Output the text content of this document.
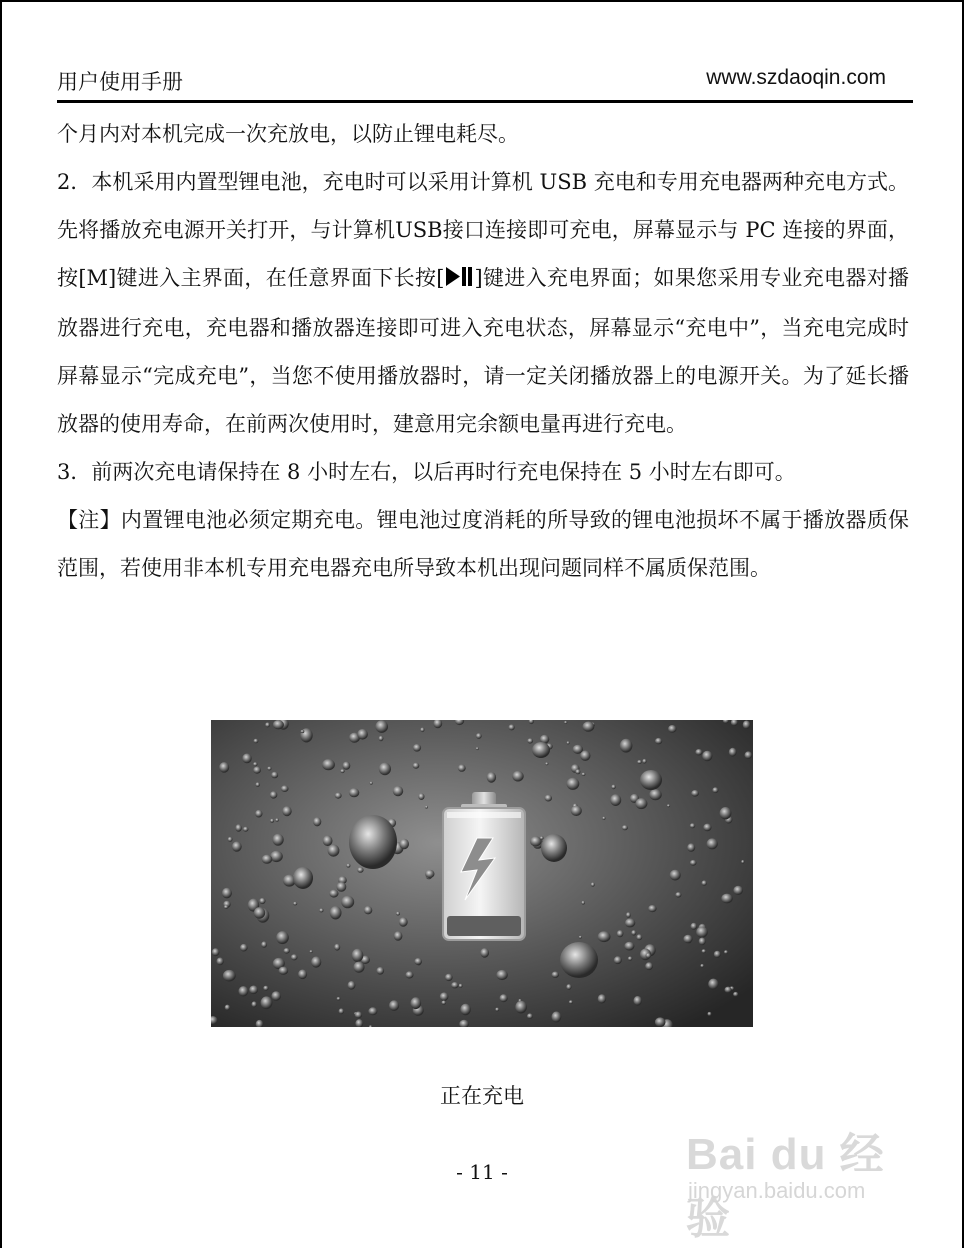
用户使用手册	www.szdaoqin.com

个月内对本机完成一次充放电，以防止锂电耗尽。

2．本机采用内置型锂电池，充电时可以采用计算机 USB 充电和专用充电器两种充电方式。先将播放充电源开关打开，与计算机USB接口连接即可充电，屏幕显示与 PC 连接的界面，按[M]键进入主界面，在任意界面下长按[ ]键进入充电界面；如果您采用专业充电器对播放器进行充电，充电器和播放器连接即可进入充电状态，屏幕显示“充电中”，当充电完成时屏幕显示“完成充电”，当您不使用播放器时，请一定关闭播放器上的电源开关。为了延长播放器的使用寿命，在前两次使用时，建意用完余额电量再进行充电。

3．前两次充电请保持在 8 小时左右，以后再时行充电保持在 5 小时左右即可。

【注】内置锂电池必须定期充电。锂电池过度消耗的所导致的锂电池损坏不属于播放器质保范围，若使用非本机专用充电器充电所导致本机出现问题同样不属质保范围。

正在充电
- 11 -	Bai du 经验
jingyan.baidu.com
